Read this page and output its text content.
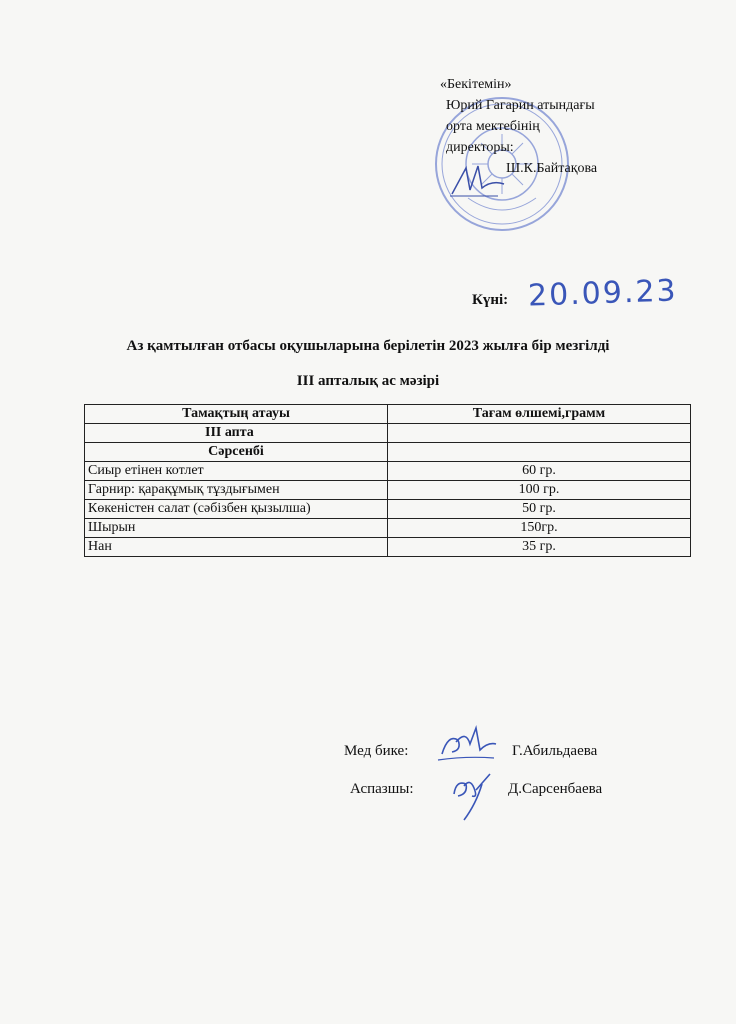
«Бекітемін»
Юрий Гагарин атындағы
орта мектебінің
директоры:
Ш.К.Байтақова
Күні: 20.09.23
Аз қамтылған отбасы оқушыларына берілетін 2023 жылға бір мезгілді
III апталық ас мәзірі
Тамақтың атауы	Тағам өлшемі,грамм
III апта	
Сәрсенбі	
Сиыр етінен котлет	60 гр.
Гарнир: қарақұмық тұздығымен	100 гр.
Көкеністен салат (сәбізбен қызылша)	50 гр.
Шырын	150гр.
Нан	35 гр.
Мед бике:	Г.Абильдаева
Аспазшы:	Д.Сарсенбаева
